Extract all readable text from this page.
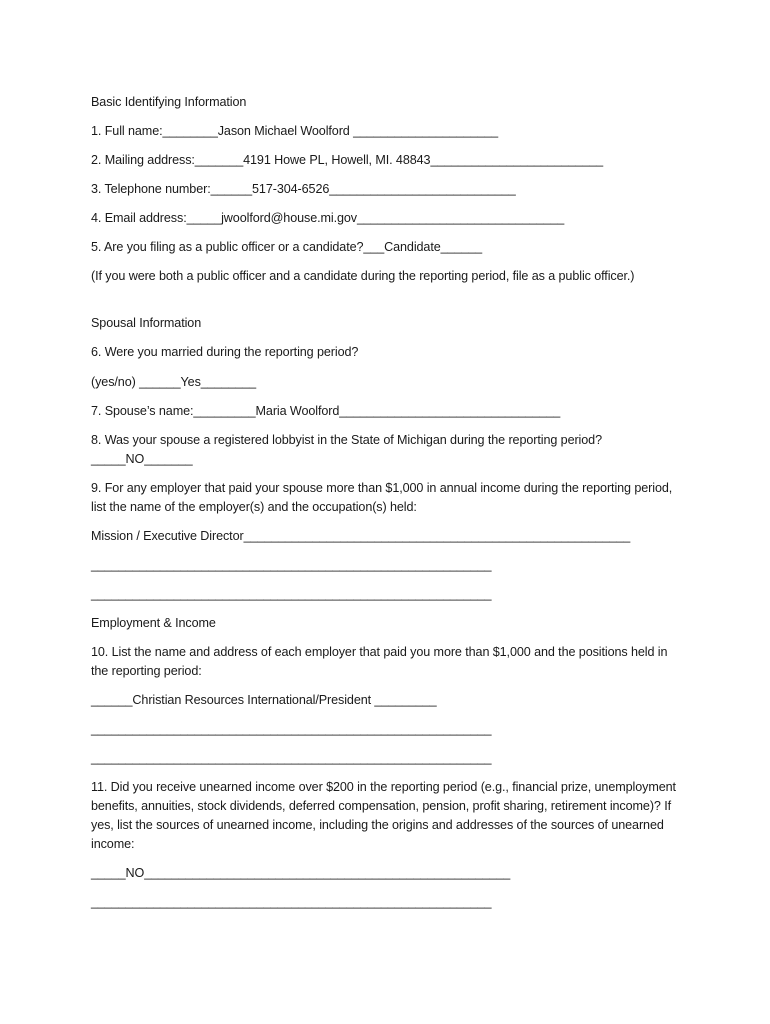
Basic Identifying Information
1. Full name:________Jason Michael Woolford _____________________
2. Mailing address:_______4191 Howe PL, Howell, MI. 48843_________________________
3. Telephone number:______517-304-6526___________________________
4. Email address:_____jwoolford@house.mi.gov______________________________
5. Are you filing as a public officer or a candidate?___Candidate______
(If you were both a public officer and a candidate during the reporting period, file as a public officer.)
Spousal Information
6. Were you married during the reporting period?
(yes/no) ______Yes________
7. Spouse’s name:_________Maria Woolford________________________________
8. Was your spouse a registered lobbyist in the State of Michigan during the reporting period? _____NO_______
9. For any employer that paid your spouse more than $1,000 in annual income during the reporting period, list the name of the employer(s) and the occupation(s) held:
Mission / Executive Director________________________________________________________
__________________________________________________________
__________________________________________________________
Employment & Income
10. List the name and address of each employer that paid you more than $1,000 and the positions held in the reporting period:
______Christian Resources International/President _________
__________________________________________________________
__________________________________________________________
11. Did you receive unearned income over $200 in the reporting period (e.g., financial prize, unemployment benefits, annuities, stock dividends, deferred compensation, pension, profit sharing, retirement income)? If yes, list the sources of unearned income, including the origins and addresses of the sources of unearned income:
_____NO_____________________________________________________
__________________________________________________________
